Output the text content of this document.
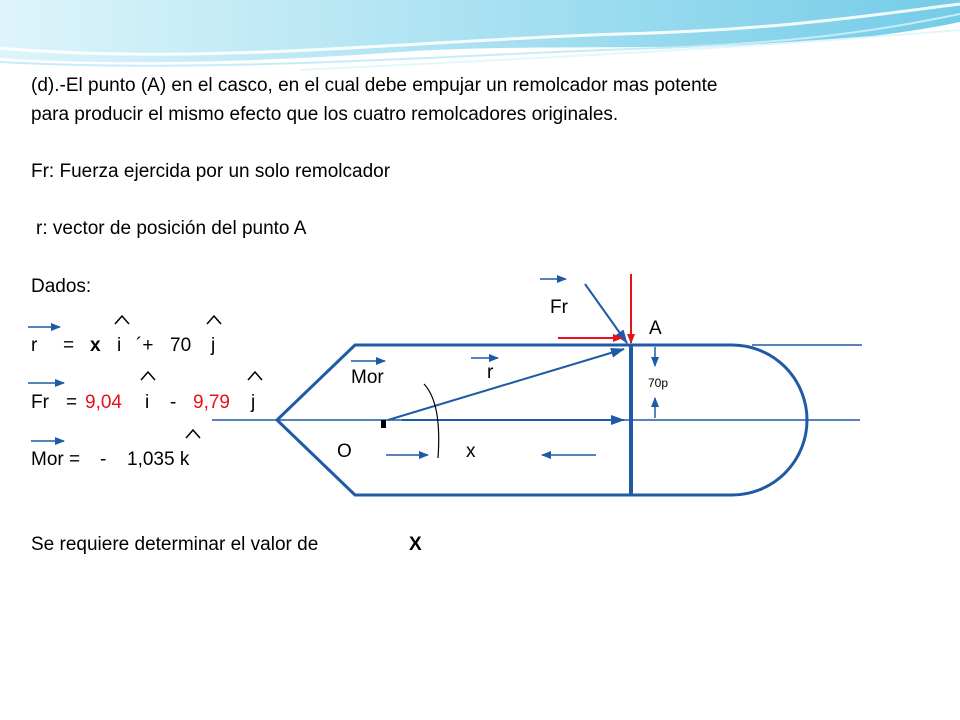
(d).-El punto (A) en el casco, en el cual debe empujar un remolcador mas potente

para producir el mismo efecto que los cuatro remolcadores originales.

Fr: Fuerza ejercida por un solo remolcador

r: vector de posición del punto A

Dados:

r = x i ´+ 70 j
Fr = 9,04 i - 9,79 j
Mor = - 1,035 k
Se requiere determinar el valor de	X
Fr
A
Mor	r	70p
O	x
